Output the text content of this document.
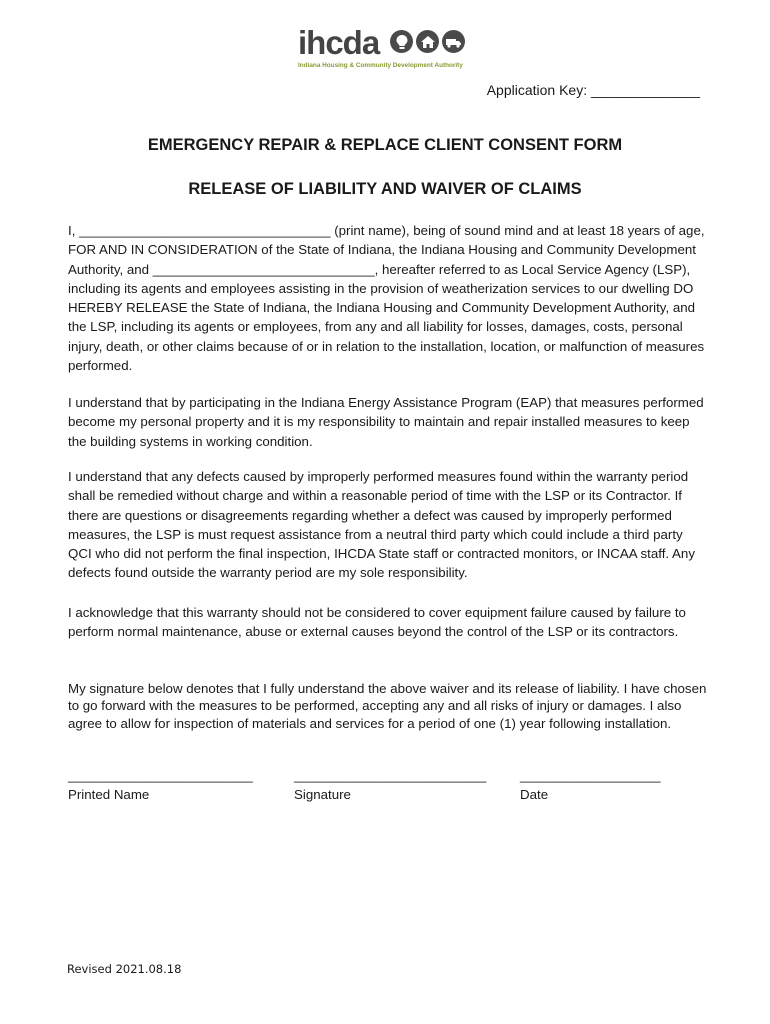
ihcda
Indiana Housing & Community Development Authority
Application Key: ______________
EMERGENCY REPAIR & REPLACE CLIENT CONSENT FORM
RELEASE OF LIABILITY AND WAIVER OF CLAIMS

I, __________________________________ (print name), being of sound mind and at least 18 years of age, FOR AND IN CONSIDERATION of the State of Indiana, the Indiana Housing and Community Development Authority, and ______________________________, hereafter referred to as Local Service Agency (LSP), including its agents and employees assisting in the provision of weatherization services to our dwelling DO HEREBY RELEASE the State of Indiana, the Indiana Housing and Community Development Authority, and the LSP, including its agents or employees, from any and all liability for losses, damages, costs, personal injury, death, or other claims because of or in relation to the installation, location, or malfunction of measures performed.

I understand that by participating in the Indiana Energy Assistance Program (EAP) that measures performed become my personal property and it is my responsibility to maintain and repair installed measures to keep the building systems in working condition.

I understand that any defects caused by improperly performed measures found within the warranty period shall be remedied without charge and within a reasonable period of time with the LSP or its Contractor. If there are questions or disagreements regarding whether a defect was caused by improperly performed measures, the LSP is must request assistance from a neutral third party which could include a third party QCI who did not perform the final inspection, IHCDA State staff or contracted monitors, or INCAA staff. Any defects found outside the warranty period are my sole responsibility.

I acknowledge that this warranty should not be considered to cover equipment failure caused by failure to perform normal maintenance, abuse or external causes beyond the control of the LSP or its contractors.

My signature below denotes that I fully understand the above waiver and its release of liability. I have chosen to go forward with the measures to be performed, accepting any and all risks of injury or damages. I also agree to allow for inspection of materials and services for a period of one (1) year following installation.

_________________________	__________________________	___________________
Printed Name	Signature	Date
Revised 2021.08.18
